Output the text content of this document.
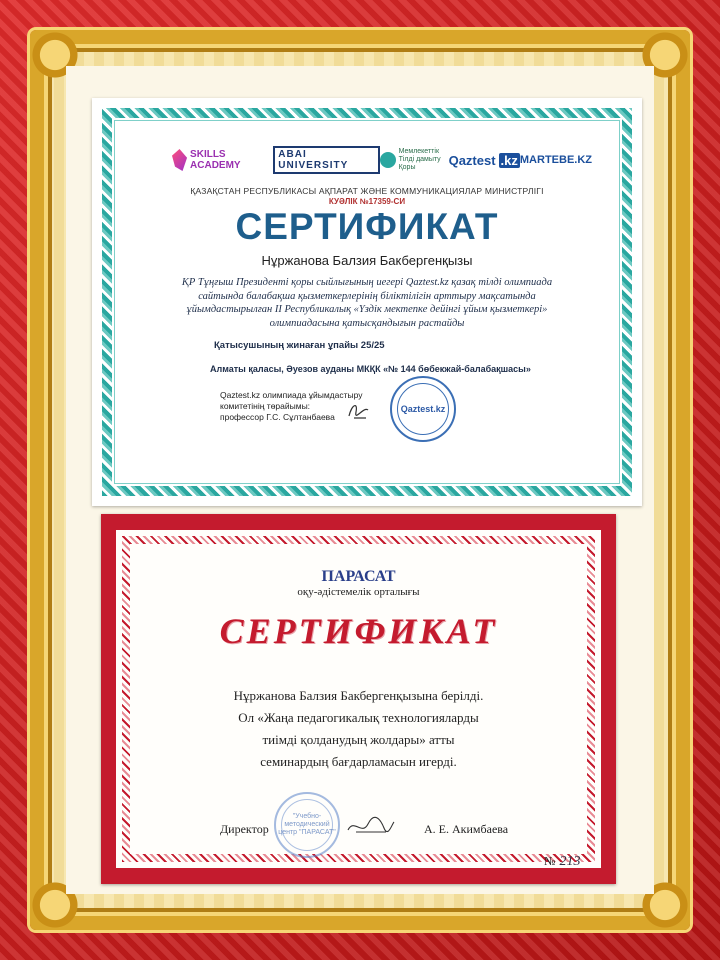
SKILLS ACADEMY
ABAI UNIVERSITY
Мемлекеттік Тілді дамыту Қоры	Qaztest .kz MARTEBE.KZ
ҚАЗАҚСТАН РЕСПУБЛИКАСЫ АҚПАРАТ ЖӘНЕ КОММУНИКАЦИЯЛАР МИНИСТРЛІГІ
КУӘЛІК №17359-СИ
СЕРТИФИКАТ
Нұржанова Балзия Бакбергенқызы
ҚР Тұңғыш Президенті қоры сыйлығының иегері Qaztest.kz қазақ тілді олимпиада сайтында балабақша қызметкерлерінің біліктілігін арттыру мақсатында ұйымдастырылған II Республикалық «Үздік мектепке дейінгі ұйым қызметкері» олимпиадасына қатысқандығын растайды
Қатысушының жинаған ұпайы 25/25
Алматы қаласы, Әуезов ауданы МКҚК «№ 144 бөбекжай-балабақшасы»
Qaztest.kz олимпиада ұйымдастыру
комитетінің төрайымы:
профессор Г.С. Сұлтанбаева
Qaztest.kz
ПАРАСАТ
оқу-әдістемелік орталығы
СЕРТИФИКАТ
Нұржанова Балзия Бакбергенқызына берілді.
Ол «Жаңа педагогикалық технологияларды
тиімді қолданудың жолдары» атты
семинардың бағдарламасын игерді.
Директор
"Учебно-методический центр "ПАРАСАТ"	А. Е. Акимбаева
№ 213
